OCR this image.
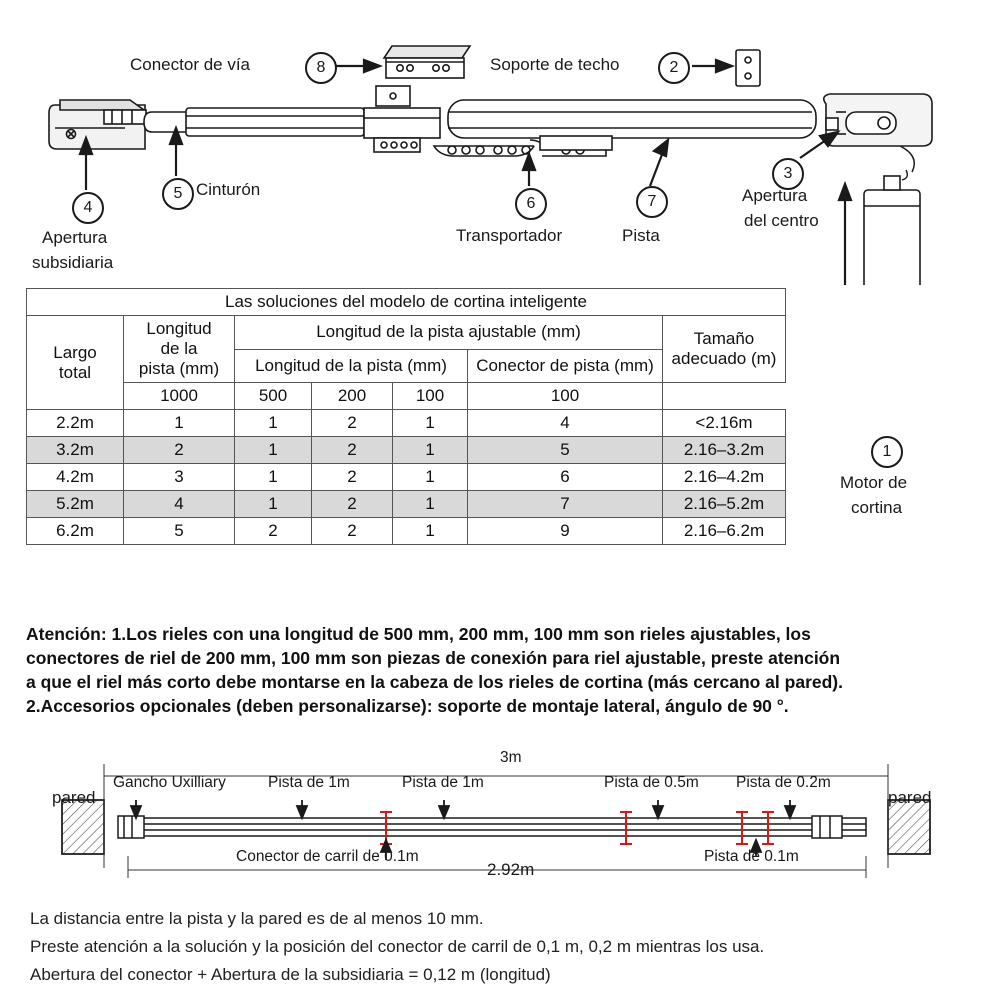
Conector de vía	8	Soporte de techo	2
4
Apertura
subsidiaria
5 Cinturón
6
Transportador
7
Pista
3
Apertura
del centro
1
Motor de
cortina
Las soluciones del modelo de cortina inteligente						

Largo
total

Longitud
de la
pista (mm)
	Longitud de la pista ajustable (mm)	Tamaño
adecuado (m)

		Longitud de la pista (mm)			Conector de pista (mm)	
	1000	500	200	100	100	
2.2m	1	1	2	1	4	<2.16m
3.2m	2	1	2	1	5	2.16–3.2m
4.2m	3	1	2	1	6	2.16–4.2m
5.2m	4	1	2	1	7	2.16–5.2m
6.2m	5	2	2	1	9	2.16–6.2m
Atención: 1.Los rieles con una longitud de 500 mm, 200 mm, 100 mm son rieles ajustables, los
conectores de riel de 200 mm, 100 mm son piezas de conexión para riel ajustable, preste atención
a que el riel más corto debe montarse en la cabeza de los rieles de cortina (más cercano al pared).
2.Accesorios opcionales (deben personalizarse): soporte de montaje lateral, ángulo de 90 °.
pared	pared
Gancho Uxilliary	Pista de 1m	Pista de 1m	Pista de 0.5m Pista de 0.2m
Pista de 0.1m
Conector de carril de 0.1m
3m
2.92m
La distancia entre la pista y la pared es de al menos 10 mm.
Preste atención a la solución y la posición del conector de carril de 0,1 m, 0,2 m mientras los usa.
Abertura del conector + Abertura de la subsidiaria = 0,12 m (longitud)
